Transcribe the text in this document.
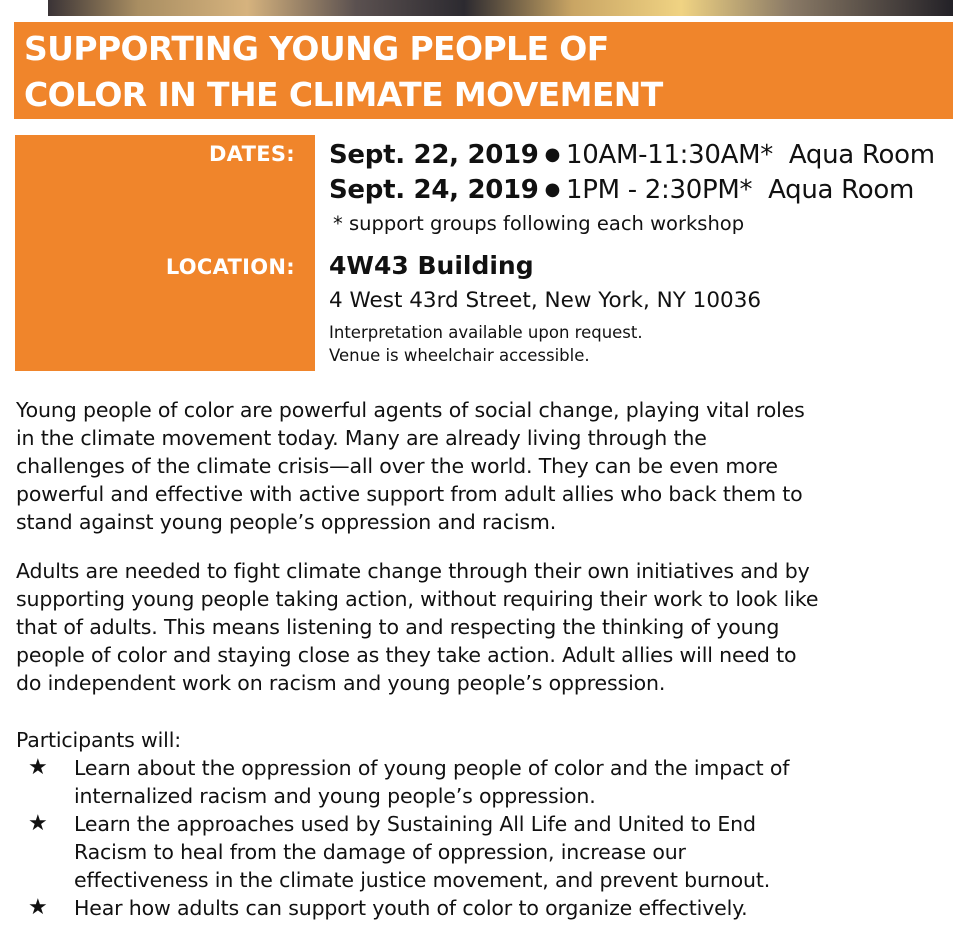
SUPPORTING YOUNG PEOPLE OF
COLOR IN THE CLIMATE MOVEMENT
DATES:
LOCATION:
Sept. 22, 2019 ● 10AM-11:30AM* Aqua Room
Sept. 24, 2019 ● 1PM - 2:30PM* Aqua Room
* support groups following each workshop
4W43 Building
4 West 43rd Street, New York, NY 10036
Interpretation available upon request.
Venue is wheelchair accessible.
Young people of color are powerful agents of social change, playing vital roles
in the climate movement today. Many are already living through the
challenges of the climate crisis—all over the world. They can be even more
powerful and effective with active support from adult allies who back them to
stand against young people’s oppression and racism.
Adults are needed to fight climate change through their own initiatives and by
supporting young people taking action, without requiring their work to look like
that of adults. This means listening to and respecting the thinking of young
people of color and staying close as they take action. Adult allies will need to
do independent work on racism and young people’s oppression.
Participants will:
★ Learn about the oppression of young people of color and the impact of
internalized racism and young people’s oppression.
★ Learn the approaches used by Sustaining All Life and United to End
Racism to heal from the damage of oppression, increase our
effectiveness in the climate justice movement, and prevent burnout.
★ Hear how adults can support youth of color to organize effectively.
